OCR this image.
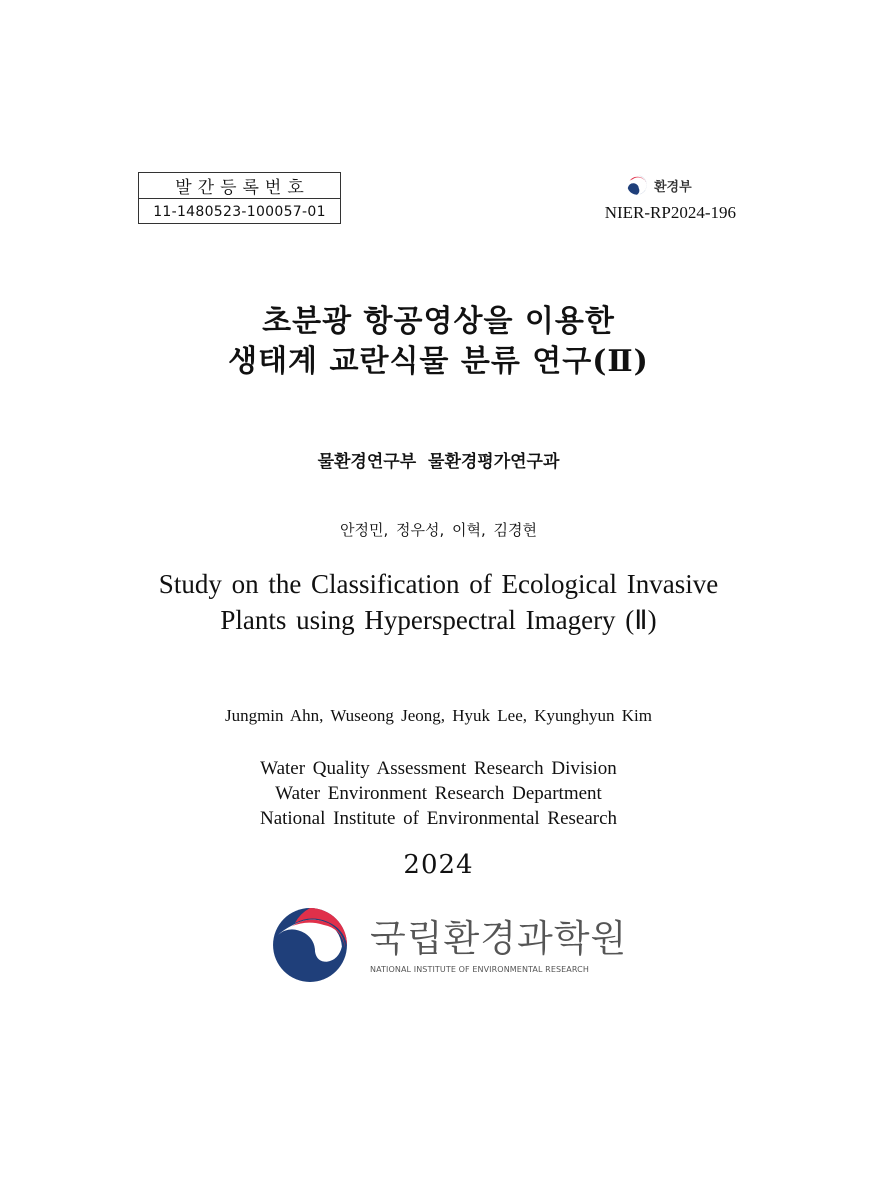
발간등록번호
11-1480523-100057-01
환경부
NIER-RP2024-196
초분광 항공영상을 이용한
생태계 교란식물 분류 연구(Ⅱ)
물환경연구부 물환경평가연구과
안정민, 정우성, 이혁, 김경현
Study on the Classification of Ecological Invasive
Plants using Hyperspectral Imagery (Ⅱ)
Jungmin Ahn, Wuseong Jeong, Hyuk Lee, Kyunghyun Kim
Water Quality Assessment Research Division
Water Environment Research Department
National Institute of Environmental Research
2024
국립환경과학원
NATIONAL INSTITUTE OF ENVIRONMENTAL RESEARCH
